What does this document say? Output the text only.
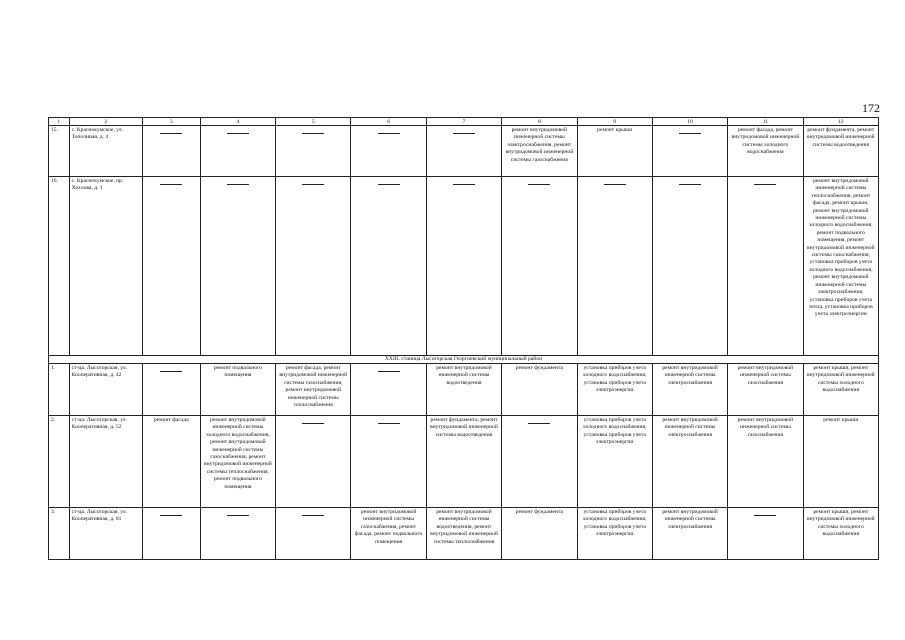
172
1	2	3	4	5	6	7	8	9	10	11	12
15.	с. Краснокумское, ул. Тополиная, д. 4						ремонт внутридомовой инженерной системы электроснабжения, ремонт внутридомовой инженерной системы газоснабжения	ремонт крыши		ремонт фасада, ремонт внутридомовой инженерной системы холодного водоснабжения	ремонт фундамента, ремонт внутридомовой инженерной системы водоотведения
16.	с. Краснокумское, пр. Хохлова, д. 1										ремонт внутридомовой инженерной системы теплоснабжения, ремонт фасада, ремонт крыши, ремонт внутридомовой инженерной системы холодного водоснабжения, ремонт подвального помещения, ремонт внутридомовой инженерной системы газоснабжения, установка приборов учета холодного водоснабжения, ремонт внутридомовой инженерной системы электроснабжения, установка приборов учета тепла, установка приборов учета электроэнергии
XXIII. станица Лысогорская Георгиевский муниципальный район											
1.	ст-ца. Лысогорская, ул. Кооперативная, д. 42		ремонт подвального помещения	ремонт фасада, ремонт внутридомовой инженерной системы газоснабжения, ремонт внутридомовой инженерной системы теплоснабжения		ремонт внутридомовой инженерной системы водоотведения	ремонт фундамента	установка приборов учета холодного водоснабжения, установка приборов учета электроэнергии	ремонт внутридомовой инженерной системы электроснабжения	ремонт внутридомовой инженерной системы газоснабжения	ремонт крыши, ремонт внутридомовой инженерной системы холодного водоснабжения
2.	ст-ца. Лысогорская, ул. Кооперативная, д. 52	ремонт фасада	ремонт внутридомовой инженерной системы холодного водоснабжения, ремонт внутридомовой инженерной системы газоснабжения, ремонт внутридомовой инженерной системы теплоснабжения, ремонт подвального помещения			ремонт фундамента, ремонт внутридомовой инженерной системы водоотведения		установка приборов учета холодного водоснабжения, установка приборов учета электроэнергии	ремонт внутридомовой инженерной системы электроснабжения	ремонт внутридомовой инженерной системы газоснабжения	ремонт крыши
3.	ст-ца. Лысогорская, ул. Кооперативная, д. 81				ремонт внутридомовой инженерной системы газоснабжения, ремонт фасада, ремонт подвального помещения	ремонт внутридомовой инженерной системы водоотведения, ремонт внутридомовой инженерной системы теплоснабжения	ремонт фундамента	установка приборов учета холодного водоснабжения, установка приборов учета электроэнергии	ремонт внутридомовой инженерной системы электроснабжения		ремонт крыши, ремонт внутридомовой инженерной системы холодного водоснабжения
